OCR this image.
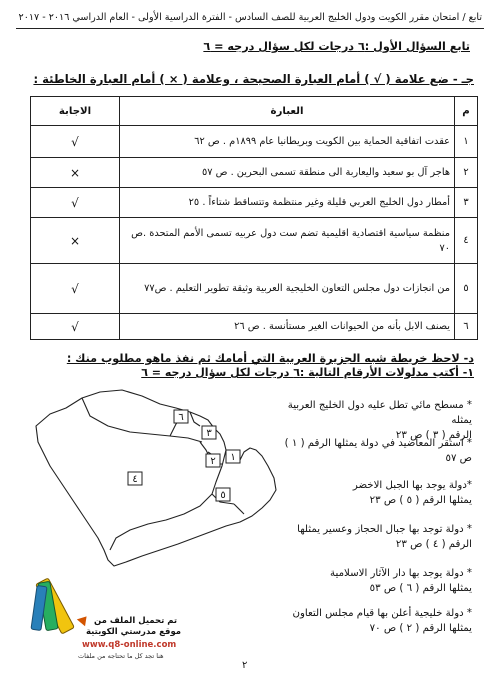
تابع / امتحان مقرر الكويت ودول الخليج العربية للصف السادس - الفترة الدراسية الأولى - العام الدراسي ٢٠١٦ - ٢٠١٧
تابع السؤال الأول :٦ درجات لكل سؤال درجه = ٦
جـ - ضع علامة ( √ ) أمام العبارة الصحيحة ، وعلامة ( × ) أمام العبارة الخاطئة :
م	العبارة	الاجابة
١	عقدت اتفاقية الحماية بين الكويت وبريطانيا عام ١٨٩٩م . ص ٦٢	√
٢	هاجر آل بو سعيد واليعاربة الى منطقة تسمى البحرين . ص ٥٧	×
٣	أمطار دول الخليج العربي قليلة وغير منتظمة وتتساقط شتاءاً . ٢٥	√
٤	منظمة سياسية اقتصادية اقليمية تضم ست دول عربيه تسمى الأمم المتحدة .ص ٧٠	×
٥	من انجازات دول مجلس التعاون الخليجية العربية وثيقة تطوير التعليم . ص٧٧	√
٦	يصنف الابل بأنه من الحيوانات الغير مستأنسة . ص ٢٦	√
د- لاحظ خريطة شبه الجزيرة العربية التي أمامك ثم نفذ ماهو مطلوب منك :
١- أكتب مدلولات الأرقام التالية :٦ درجات لكل سؤال درجه = ٦
٦
٣
١
٢
٤
٥
* مسطح مائي تطل عليه دول الخليج العربية يمثله
الرقم ( ٣ ) ص ٢٣
* استقر المعاضيد في دولة يمثلها الرقم ( ١ )
ص ٥٧
*دولة يوجد بها الجبل الاخضر
يمثلها الرقم ( ٥ ) ص ٢٣
* دولة توجد بها جبال الحجاز وعسير يمثلها
الرقم ( ٤ ) ص ٢٣
* دولة يوجد بها دار الآثار الاسلامية
يمثلها الرقم ( ٦ ) ص ٥٣
* دولة خليجية أعلن بها قيام مجلس التعاون
يمثلها الرقم ( ٢ ) ص ٧٠
تم تحميل الملف من
موقع مدرستي الكويتية
www.q8-online.com
هنا تجد كل ما تحتاجه من ملفات
٢
